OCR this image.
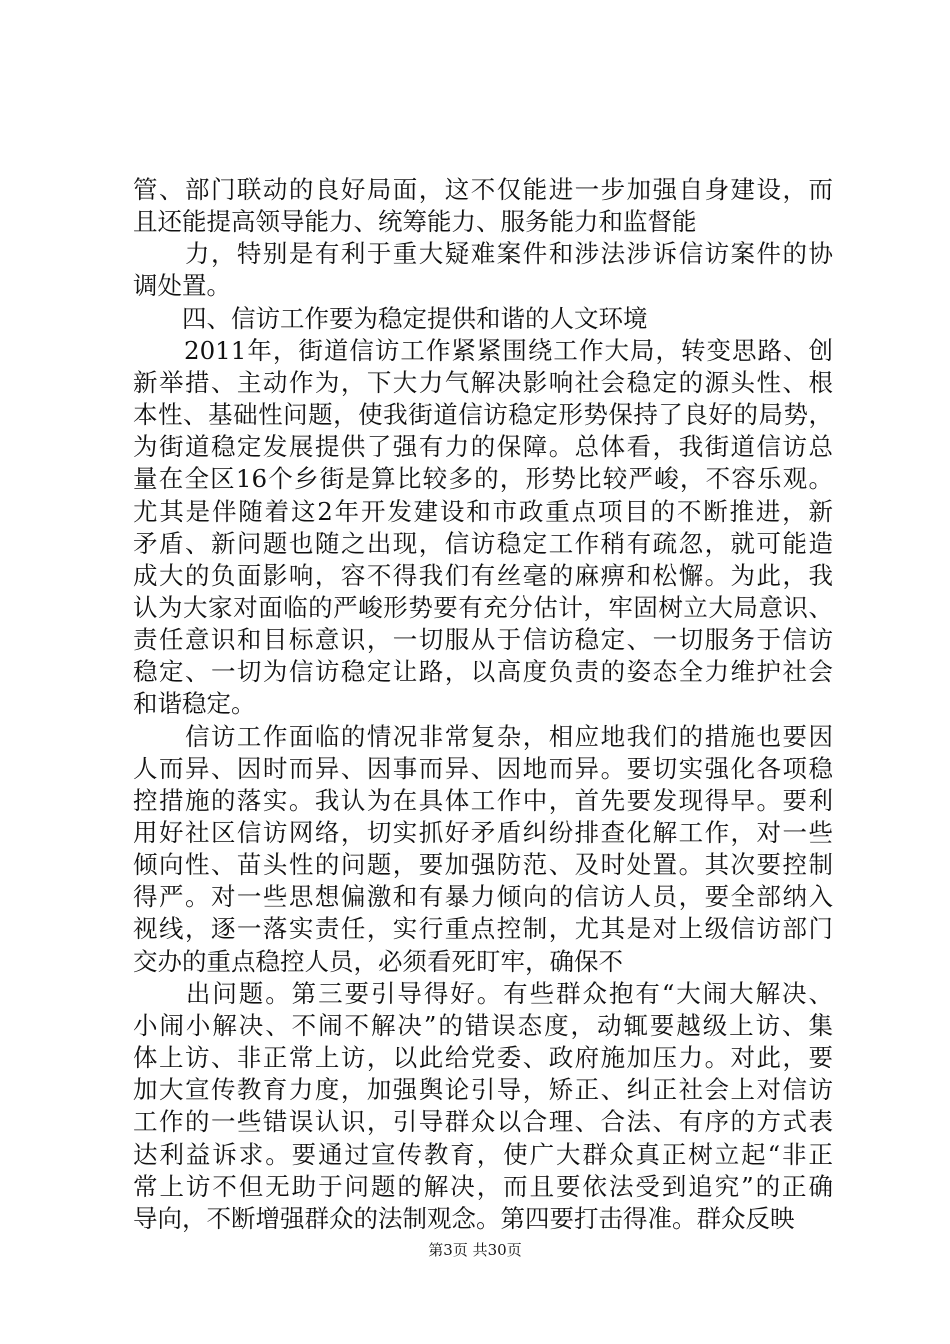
管、部门联动的良好局面，这不仅能进一步加强自身建设，而
且还能提高领导能力、统筹能力、服务能力和监督能
　　力，特别是有利于重大疑难案件和涉法涉诉信访案件的协
调处置。
　　四、信访工作要为稳定提供和谐的人文环境
　　2011年，街道信访工作紧紧围绕工作大局，转变思路、创
新举措、主动作为，下大力气解决影响社会稳定的源头性、根
本性、基础性问题，使我街道信访稳定形势保持了良好的局势，
为街道稳定发展提供了强有力的保障。总体看，我街道信访总
量在全区16个乡街是算比较多的，形势比较严峻，不容乐观。
尤其是伴随着这2年开发建设和市政重点项目的不断推进，新
矛盾、新问题也随之出现，信访稳定工作稍有疏忽，就可能造
成大的负面影响，容不得我们有丝毫的麻痹和松懈。为此，我
认为大家对面临的严峻形势要有充分估计，牢固树立大局意识、
责任意识和目标意识，一切服从于信访稳定、一切服务于信访
稳定、一切为信访稳定让路，以高度负责的姿态全力维护社会
和谐稳定。
　　信访工作面临的情况非常复杂，相应地我们的措施也要因
人而异、因时而异、因事而异、因地而异。要切实强化各项稳
控措施的落实。我认为在具体工作中，首先要发现得早。要利
用好社区信访网络，切实抓好矛盾纠纷排查化解工作，对一些
倾向性、苗头性的问题，要加强防范、及时处置。其次要控制
得严。对一些思想偏激和有暴力倾向的信访人员，要全部纳入
视线，逐一落实责任，实行重点控制，尤其是对上级信访部门
交办的重点稳控人员，必须看死盯牢，确保不
　　出问题。第三要引导得好。有些群众抱有“大闹大解决、
小闹小解决、不闹不解决”的错误态度，动辄要越级上访、集
体上访、非正常上访，以此给党委、政府施加压力。对此，要
加大宣传教育力度，加强舆论引导，矫正、纠正社会上对信访
工作的一些错误认识，引导群众以合理、合法、有序的方式表
达利益诉求。要通过宣传教育，使广大群众真正树立起“非正
常上访不但无助于问题的解决，而且要依法受到追究”的正确
导向，不断增强群众的法制观念。第四要打击得准。群众反映
第3页 共30页
